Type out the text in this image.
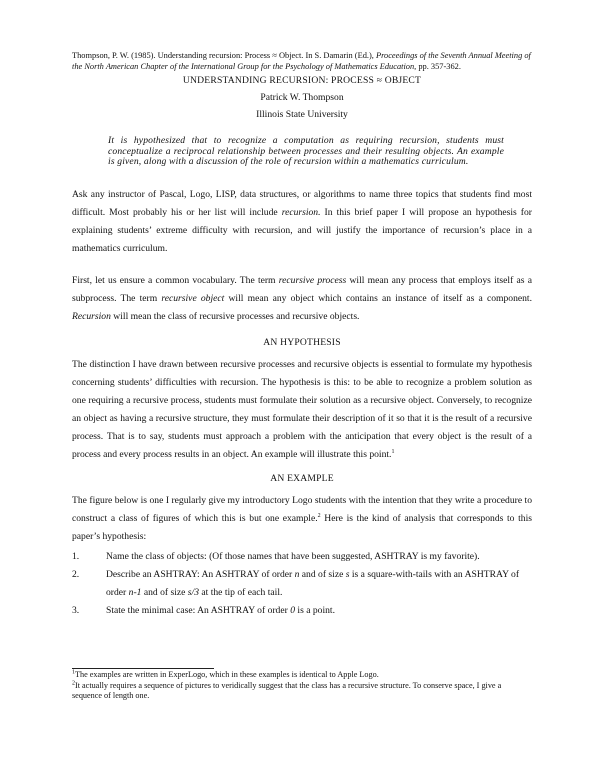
Thompson, P. W. (1985). Understanding recursion: Process ≈ Object. In S. Damarin (Ed.), Proceedings of the Seventh Annual Meeting of the North American Chapter of the International Group for the Psychology of Mathematics Education, pp. 357-362.

UNDERSTANDING RECURSION: PROCESS ≈ OBJECT
Patrick W. Thompson
Illinois State University
It is hypothesized that to recognize a computation as requiring recursion, students must conceptualize a reciprocal relationship between processes and their resulting objects. An example is given, along with a discussion of the role of recursion within a mathematics curriculum.

Ask any instructor of Pascal, Logo, LISP, data structures, or algorithms to name three topics that students find most difficult. Most probably his or her list will include recursion. In this brief paper I will propose an hypothesis for explaining students’ extreme difficulty with recursion, and will justify the importance of recursion’s place in a mathematics curriculum.

First, let us ensure a common vocabulary. The term recursive process will mean any process that employs itself as a subprocess. The term recursive object will mean any object which contains an instance of itself as a component. Recursion will mean the class of recursive processes and recursive objects.

AN HYPOTHESIS

The distinction I have drawn between recursive processes and recursive objects is essential to formulate my hypothesis concerning students’ difficulties with recursion. The hypothesis is this: to be able to recognize a problem solution as one requiring a recursive process, students must formulate their solution as a recursive object. Conversely, to recognize an object as having a recursive structure, they must formulate their description of it so that it is the result of a recursive process. That is to say, students must approach a problem with the anticipation that every object is the result of a process and every process results in an object. An example will illustrate this point.$^1$

AN EXAMPLE

The figure below is one I regularly give my introductory Logo students with the intention that they write a procedure to construct a class of figures of which this is but one example.$^2$ Here is the kind of analysis that corresponds to this paper’s hypothesis:

1.	Name the class of objects: (Of those names that have been suggested, ASHTRAY is my favorite).
2.	Describe an ASHTRAY: An ASHTRAY of order n and of size s is a square-with-tails with an ASHTRAY of order n-1 and of size s/3 at the tip of each tail.
3.	State the minimal case: An ASHTRAY of order 0 is a point.

$^1$The examples are written in ExperLogo, which in these examples is identical to Apple Logo.

$^2$It actually requires a sequence of pictures to veridically suggest that the class has a recursive structure. To conserve space, I give a sequence of length one.
